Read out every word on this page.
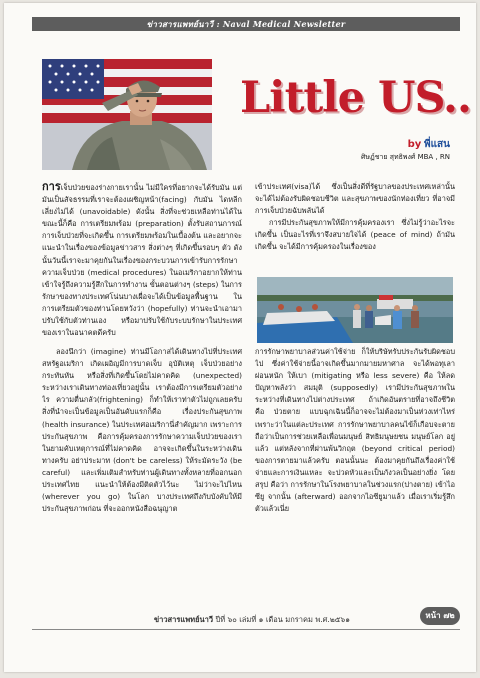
ข่าวสารแพทย์นาวี : Naval Medical Newsletter
Little US..
by พี่แสน
ศิษฏ์ชาย สุทธิพงศ์ MBA , RN

การเจ็บป่วยของร่างกายเรานั้น ไม่มีใครที่อยากจะได้รับมัน แต่มันเป็นสัจธรรมที่เราจะต้องเผชิญหน้า(facing) กับมัน ไดหลีกเลี่ยงไม่ได้ (unavoidable) ดังนั้น สิ่งที่จะช่วยเหลือท่านได้ในขณะนี้ก็คือ การเตรียมพร้อม (preparation) ตั้งรับสถานการณ์การเจ็บป่วยที่จะเกิดขึ้น การเตรียมพร้อมในเบื้องต้น และอยากจะแนะนำในเรื่องของข้อมูลข่าวสาร สิ่งต่างๆ ที่เกิดขึ้นรอบๆ ตัว ดังนั้นวันนี้เราจะมาคุยกันในเรื่องของกระบวนการเข้ารับการรักษาความเจ็บป่วย (medical procedures) ในอเมริกาอยากให้ท่านเข้าใจรู้ถึงความรู้สึกในการทำงาน ขั้นตอนต่างๆ (steps) ในการรักษาของทางประเทศโน่นบางเผื่อจะได้เป็นข้อมูลพื้นฐาน ในการเตรียมตัวของท่านโดยหวังว่า (hopefully) ท่านจะนำเอามาปรับใช้กับตัวท่านเอง หรือมาปรับใช้กับระบบรักษาในประเทศของเราในอนาคตดีครับ

เข้าประเทศ(visa)ได้ ซึ่งเป็นสิ่งดีที่รัฐบาลของประเทศเหล่านั้น จะได้ไม่ต้องรับผิดชอบชีวิต และสุขภาพของนักท่องเที่ยว ที่อาจมีการเจ็บป่วยฉับพลันได้

การมีประกันสุขภาพให้มีการคุ้มครองเรา ซึ่งไม่รู้ว่าอะไรจะเกิดขึ้น เป็นอะไรที่เราจึงสบายใจได้ (peace of mind) ถ้ามันเกิดขึ้น จะได้มีการคุ้มครองในเรื่องของ

ลองนึกว่า (imagine) ท่านมีโอกาสได้เดินทางไปที่ประเทศสหรัฐอเมริกา เกิดเผอิญมีการบาดเจ็บ อุบัติเหตุ เจ็บป่วยอย่างกระทันหัน หรือสิ่งที่เกิดขึ้นโดยไม่คาดคิด (unexpected) ระหว่างเราเดินทางท่องเที่ยวอยู่นั้น เราต้องมีการเตรียมตัวอย่างไร ความตื่นกลัว(frightening) ก็ทำให้เราท่าตัวไม่ถูกเลยครับ สิ่งที่นำจะเป็นข้อมูลเป็นอันดับแรกก็คือ เรื่องประกันสุขภาพ (health insurance) ในประเทศอเมริกานี่สำคัญมาก เพราะการประกันสุขภาพ คือการคุ้มครองการรักษาความเจ็บป่วยของเราในยามคับเหตุการณ์ที่ไม่คาดคิด อาจจะเกิดขึ้นในระหว่างเดินทางครับ อย่าประมาท (don't be careless) ให้ระมัดระวัง (be careful) และเพิ่มเติมสำหรับท่านผู้เดินทางทั้งหลายที่ออกนอกประเทศไทย แนะนำให้ต้องมีติดตัวไว้นะ ไม่ว่าจะไปไหน (wherever you go) ในโลก บางประเทศถึงกับบังคับให้มีประกันสุขภาพก่อน ที่จะออกหนังสือฉนุญาต

การรักษาพยาบาลส่วนค่าใช้จ่าย ก็ให้บริษัทรับประกันรับผิดชอบไป ซึ่งค่าใช้จ่ายนี้อาจเกิดขึ้นมากมายมหาศาล จะได้พอทุเลา ผ่อนหนัก ให้เบา (mitigating หรือ less severe) คือ ให้ลดปัญหาพลังว่า สมมุติ (supposedly) เรามีประกันสุขภาพในระหว่างที่เดินทางไปต่างประเทศ ถ้าเกิดอันตรายที่อาจถึงชีวิต คือ ป่วยตาย แบบฉุกเฉินนี้ก็อาจจะไม่ต้องมาเป็นห่วงเท่าไหร่ เพราะว่าในแต่ละประเทศ การรักษาพยาบาลคนไข้ก็เกือบจะตาย ถือว่าเป็นการช่วยเหลือเพื่อนมนุษย์ สิทธิมนุษยชน มนุษย์โลก อยู่แล้ว แต่หลังจากที่ผ่านพ้นวิกฤต (beyond critical period) ของการตายมาแล้วครับ ตอนนั้นนะ ต้องมาคุยกันถึงเรื่องค่าใช้จ่ายและการเงินแหละ จะปวดหัวและเป็นกังวลเป็นอย่างยิ่ง โดยสรุป คือว่า การรักษาในโรงพยาบาลในช่วงแรก(ปางตาย) เข้าไอซียู จากนั้น (afterward) ออกจากไอซียูมาแล้ว เมื่อเราเริ่มรู้สึกตัวแล้วเนี่ย

ข่าวสารแพทย์นาวี ปีที่ ๖๐ เล่มที่ ๑ เดือน มกราคม พ.ศ.๒๕๖๑	หน้า ๗๒
